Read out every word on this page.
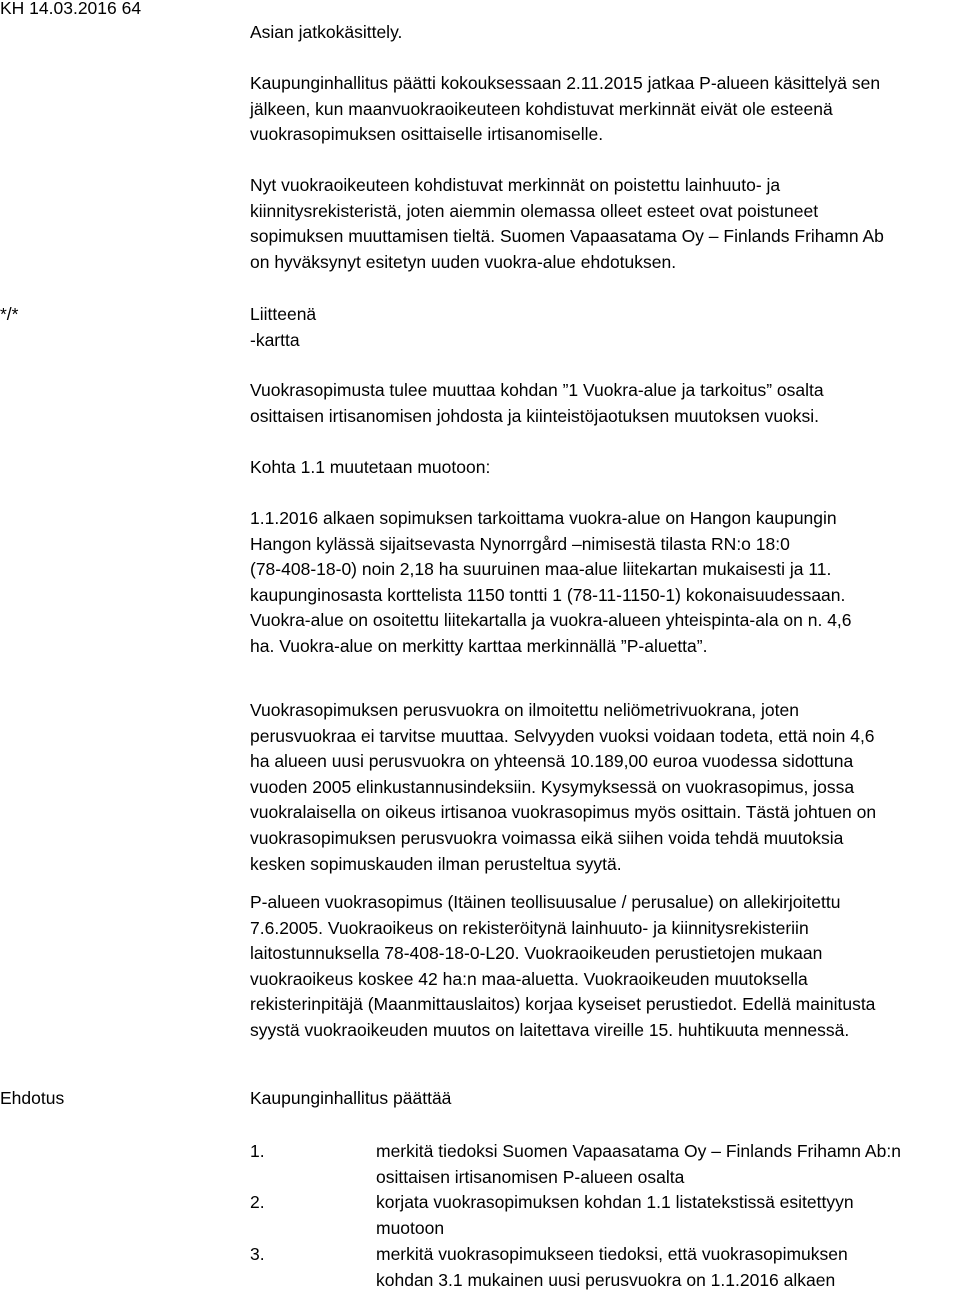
KH 14.03.2016 64
*/*
Ehdotus

Asian jatkokäsittely.

Kaupunginhallitus päätti kokouksessaan 2.11.2015 jatkaa P-alueen käsittelyä sen

jälkeen, kun maanvuokraoikeuteen kohdistuvat merkinnät eivät ole esteenä

vuokrasopimuksen osittaiselle irtisanomiselle.

Nyt vuokraoikeuteen kohdistuvat merkinnät on poistettu lainhuuto- ja

kiinnitysrekisteristä, joten aiemmin olemassa olleet esteet ovat poistuneet

sopimuksen muuttamisen tieltä. Suomen Vapaasatama Oy – Finlands Frihamn Ab

on hyväksynyt esitetyn uuden vuokra-alue ehdotuksen.

Liitteenä

-kartta

Vuokrasopimusta tulee muuttaa kohdan ”1 Vuokra-alue ja tarkoitus” osalta

osittaisen irtisanomisen johdosta ja kiinteistöjaotuksen muutoksen vuoksi.

Kohta 1.1 muutetaan muotoon:

1.1.2016 alkaen sopimuksen tarkoittama vuokra-alue on Hangon kaupungin

Hangon kylässä sijaitsevasta Nynorrgård –nimisestä tilasta RN:o 18:0

(78-408-18-0) noin 2,18 ha suuruinen maa-alue liitekartan mukaisesti ja 11.

kaupunginosasta korttelista 1150 tontti 1 (78-11-1150-1) kokonaisuudessaan.

Vuokra-alue on osoitettu liitekartalla ja vuokra-alueen yhteispinta-ala on n. 4,6

ha. Vuokra-alue on merkitty karttaa merkinnällä ”P-aluetta”.

Vuokrasopimuksen perusvuokra on ilmoitettu neliömetrivuokrana, joten

perusvuokraa ei tarvitse muuttaa. Selvyyden vuoksi voidaan todeta, että noin 4,6

ha alueen uusi perusvuokra on yhteensä 10.189,00 euroa vuodessa sidottuna

vuoden 2005 elinkustannusindeksiin. Kysymyksessä on vuokrasopimus, jossa

vuokralaisella on oikeus irtisanoa vuokrasopimus myös osittain. Tästä johtuen on

vuokrasopimuksen perusvuokra voimassa eikä siihen voida tehdä muutoksia

kesken sopimuskauden ilman perusteltua syytä.

P-alueen vuokrasopimus (Itäinen teollisuusalue / perusalue) on allekirjoitettu

7.6.2005. Vuokraoikeus on rekisteröitynä lainhuuto- ja kiinnitysrekisteriin

laitostunnuksella 78-408-18-0-L20. Vuokraoikeuden perustietojen mukaan

vuokraoikeus koskee 42 ha:n maa-aluetta. Vuokraoikeuden muutoksella

rekisterinpitäjä (Maanmittauslaitos) korjaa kyseiset perustiedot. Edellä mainitusta

syystä vuokraoikeuden muutos on laitettava vireille 15. huhtikuuta mennessä.

Kaupunginhallitus päättää

1.	merkitä tiedoksi Suomen Vapaasatama Oy – Finlands Frihamn Ab:n

osittaisen irtisanomisen P-alueen osalta

2.	korjata vuokrasopimuksen kohdan 1.1 listatekstissä esitettyyn

muotoon

3.	merkitä vuokrasopimukseen tiedoksi, että vuokrasopimuksen

kohdan 3.1 mukainen uusi perusvuokra on 1.1.2016 alkaen
